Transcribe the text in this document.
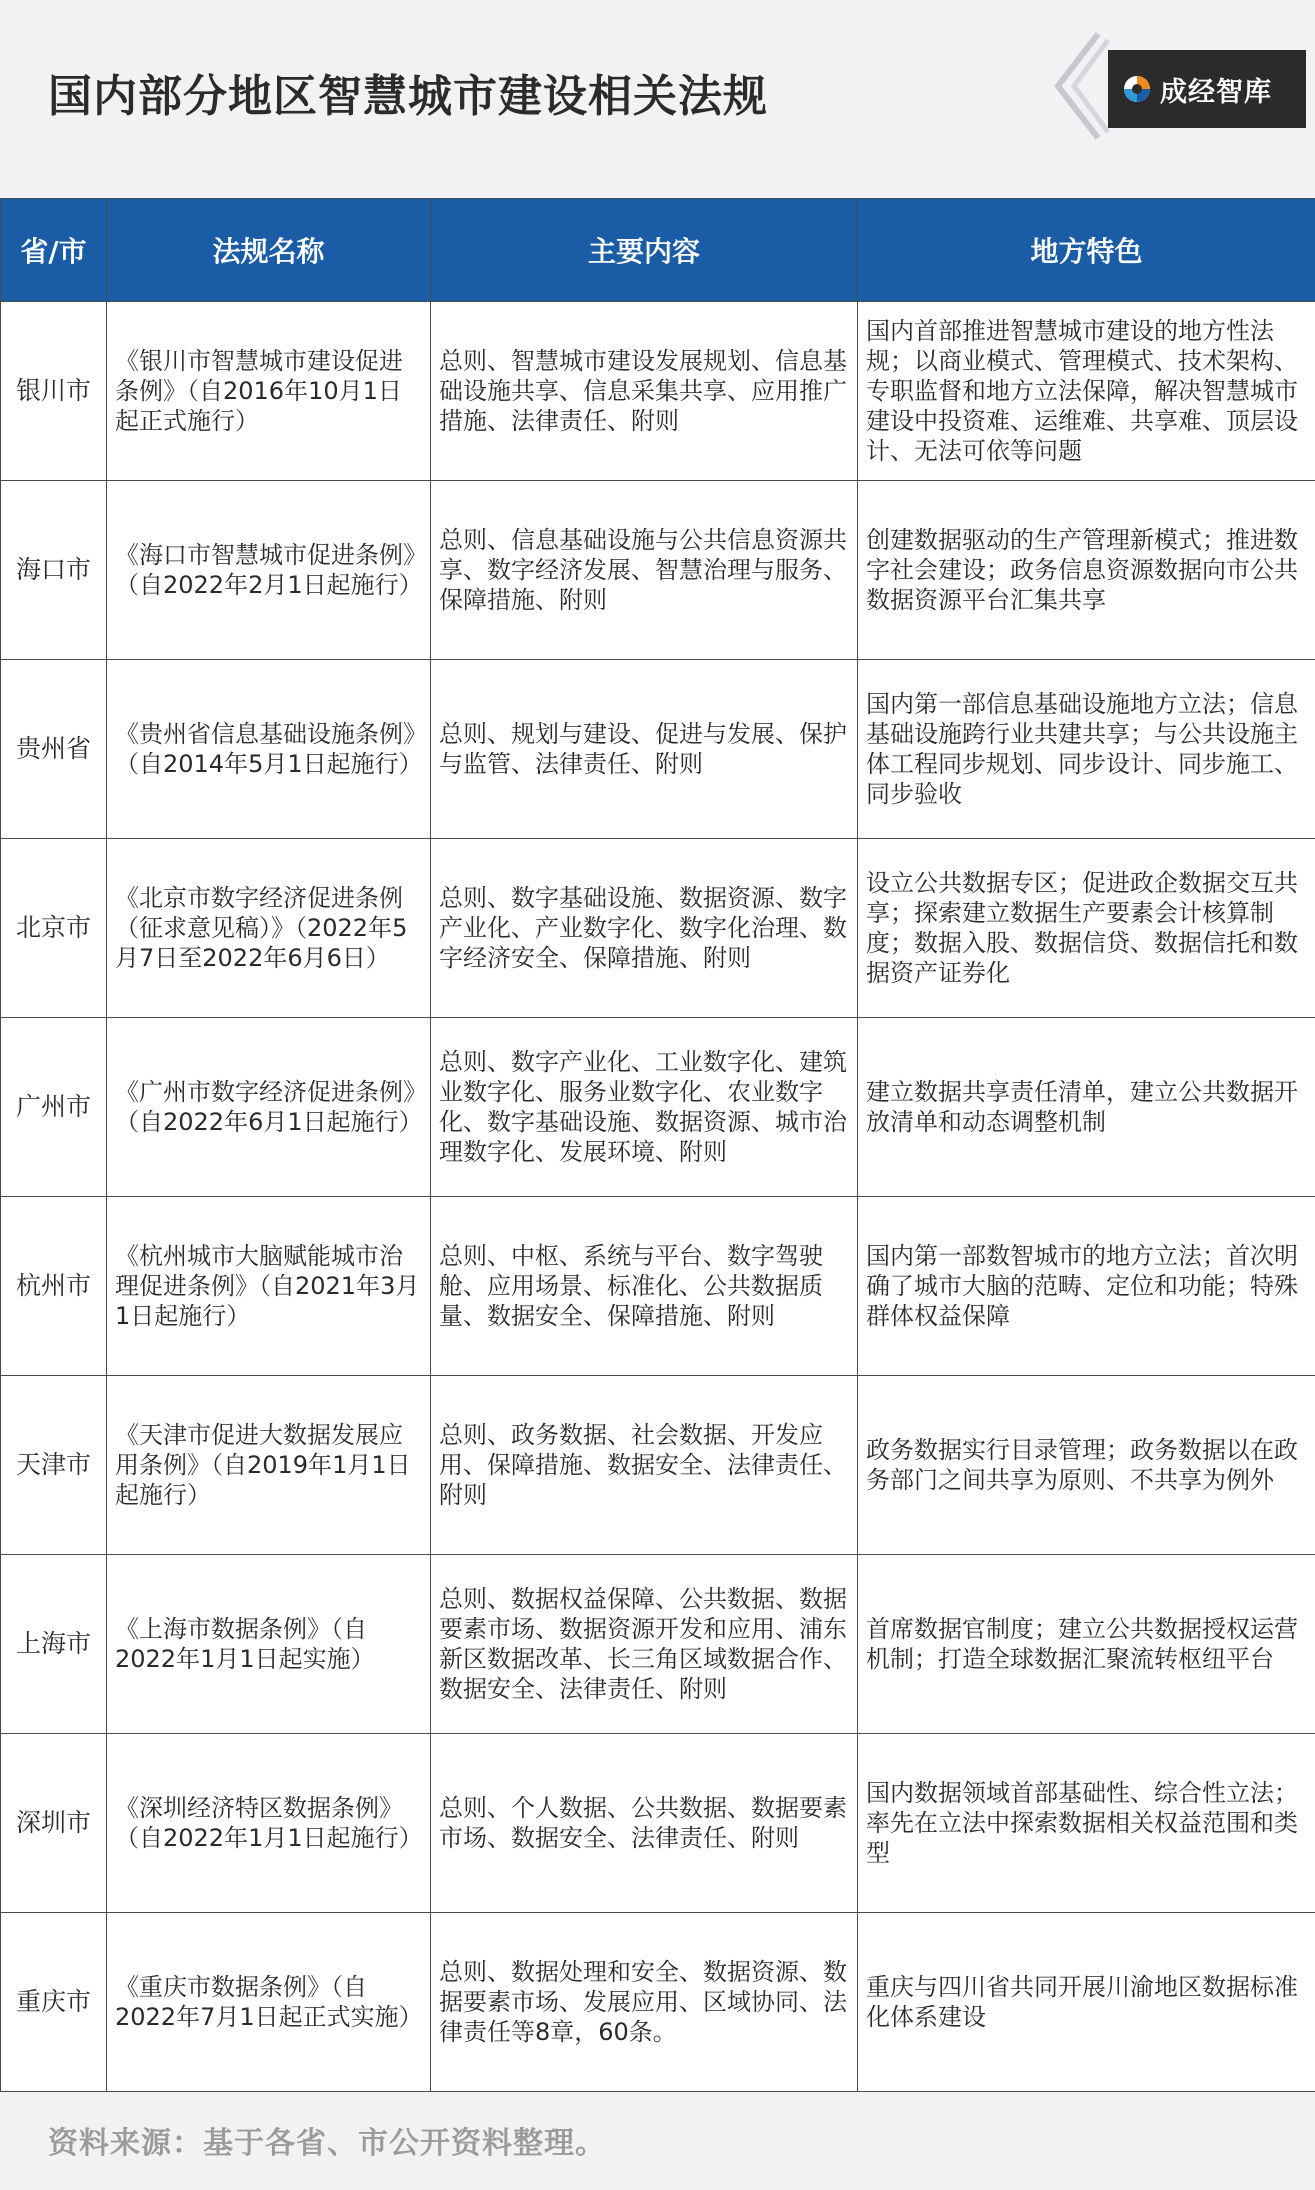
国内部分地区智慧城市建设相关法规	成经智库
省/市	法规名称	主要内容	地方特色
银川市	《银川市智慧城市建设促进条例》（自2016年10月1日起正式施行）	总则、智慧城市建设发展规划、信息基础设施共享、信息采集共享、应用推广措施、法律责任、附则	国内首部推进智慧城市建设的地方性法规；以商业模式、管理模式、技术架构、专职监督和地方立法保障，解决智慧城市建设中投资难、运维难、共享难、顶层设计、无法可依等问题
海口市	《海口市智慧城市促进条例》（自2022年2月1日起施行）	总则、信息基础设施与公共信息资源共享、数字经济发展、智慧治理与服务、保障措施、附则	创建数据驱动的生产管理新模式；推进数字社会建设；政务信息资源数据向市公共数据资源平台汇集共享
贵州省	《贵州省信息基础设施条例》（自2014年5月1日起施行）	总则、规划与建设、促进与发展、保护与监管、法律责任、附则	国内第一部信息基础设施地方立法；信息基础设施跨行业共建共享；与公共设施主体工程同步规划、同步设计、同步施工、同步验收
北京市	《北京市数字经济促进条例（征求意见稿）》（2022年5月7日至2022年6月6日）	总则、数字基础设施、数据资源、数字产业化、产业数字化、数字化治理、数字经济安全、保障措施、附则	设立公共数据专区；促进政企数据交互共享；探索建立数据生产要素会计核算制度；数据入股、数据信贷、数据信托和数据资产证券化
广州市	《广州市数字经济促进条例》（自2022年6月1日起施行）	总则、数字产业化、工业数字化、建筑业数字化、服务业数字化、农业数字化、数字基础设施、数据资源、城市治理数字化、发展环境、附则	建立数据共享责任清单，建立公共数据开放清单和动态调整机制
杭州市	《杭州城市大脑赋能城市治理促进条例》（自2021年3月1日起施行）	总则、中枢、系统与平台、数字驾驶舱、应用场景、标准化、公共数据质量、数据安全、保障措施、附则	国内第一部数智城市的地方立法；首次明确了城市大脑的范畴、定位和功能；特殊群体权益保障
天津市	《天津市促进大数据发展应用条例》（自2019年1月1日起施行）	总则、政务数据、社会数据、开发应用、保障措施、数据安全、法律责任、附则	政务数据实行目录管理；政务数据以在政务部门之间共享为原则、不共享为例外
上海市	《上海市数据条例》（自2022年1月1日起实施）	总则、数据权益保障、公共数据、数据要素市场、数据资源开发和应用、浦东新区数据改革、长三角区域数据合作、数据安全、法律责任、附则	首席数据官制度；建立公共数据授权运营机制；打造全球数据汇聚流转枢纽平台
深圳市	《深圳经济特区数据条例》（自2022年1月1日起施行）	总则、个人数据、公共数据、数据要素市场、数据安全、法律责任、附则	国内数据领域首部基础性、综合性立法；率先在立法中探索数据相关权益范围和类型
重庆市	《重庆市数据条例》（自2022年7月1日起正式实施）	总则、数据处理和安全、数据资源、数据要素市场、发展应用、区域协同、法律责任等8章，60条。	重庆与四川省共同开展川渝地区数据标准化体系建设
资料来源：基于各省、市公开资料整理。
